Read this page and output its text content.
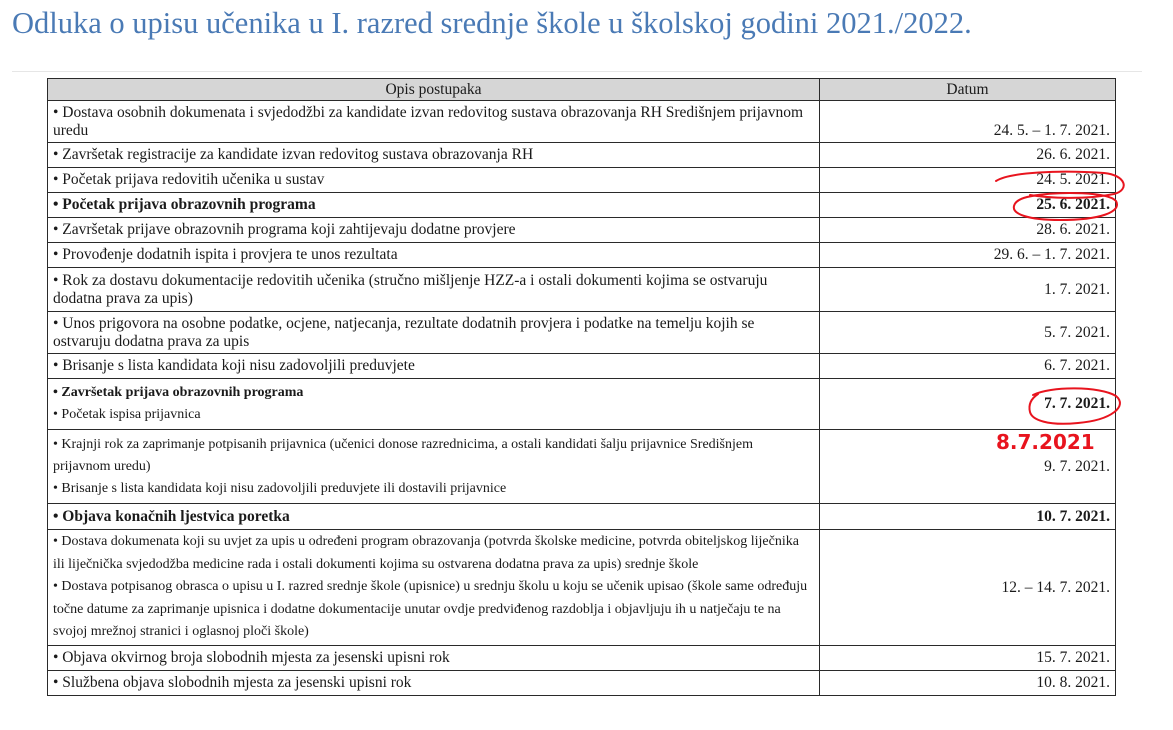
Odluka o upisu učenika u I. razred srednje škole u školskoj godini 2021./2022.
Opis postupaka	Datum
• Dostava osobnih dokumenata i svjedodžbi za kandidate izvan redovitog sustava obrazovanja RH Središnjem prijavnom uredu	24. 5. – 1. 7. 2021.
• Završetak registracije za kandidate izvan redovitog sustava obrazovanja RH	26. 6. 2021.
• Početak prijava redovitih učenika u sustav	24. 5. 2021.
• Početak prijava obrazovnih programa	25. 6. 2021.
• Završetak prijave obrazovnih programa koji zahtijevaju dodatne provjere	28. 6. 2021.
• Provođenje dodatnih ispita i provjera te unos rezultata	29. 6. – 1. 7. 2021.
• Rok za dostavu dokumentacije redovitih učenika (stručno mišljenje HZZ-a i ostali dokumenti kojima se ostvaruju dodatna prava za upis)	1. 7. 2021.
• Unos prigovora na osobne podatke, ocjene, natjecanja, rezultate dodatnih provjera i podatke na temelju kojih se ostvaruju dodatna prava za upis	5. 7. 2021.
• Brisanje s lista kandidata koji nisu zadovoljili preduvjete	6. 7. 2021.

• Završetak prijava obrazovnih programa
• Početak ispisa prijavnica	7. 7. 2021.

• Krajnji rok za zaprimanje potpisanih prijavnica (učenici donose razrednicima, a ostali kandidati šalju prijavnice Središnjem prijavnom uredu)
• Brisanje s lista kandidata koji nisu zadovoljili preduvjete ili dostavili prijavnice	9. 7. 2021.
• Objava konačnih ljestvica poretka	10. 7. 2021.

• Dostava dokumenata koji su uvjet za upis u određeni program obrazovanja (potvrda školske medicine, potvrda obiteljskog liječnika ili liječnička svjedodžba medicine rada i ostali dokumenti kojima su ostvarena dodatna prava za upis) srednje škole
• Dostava potpisanog obrasca o upisu u I. razred srednje škole (upisnice) u srednju školu u koju se učenik upisao (škole same određuju točne datume za zaprimanje upisnica i dodatne dokumentacije unutar ovdje predviđenog razdoblja i objavljuju ih u natječaju te na svojoj mrežnoj stranici i oglasnoj ploči škole)	12. – 14. 7. 2021.
• Objava okvirnog broja slobodnih mjesta za jesenski upisni rok	15. 7. 2021.
• Službena objava slobodnih mjesta za jesenski upisni rok	10. 8. 2021.
8.7.2021
